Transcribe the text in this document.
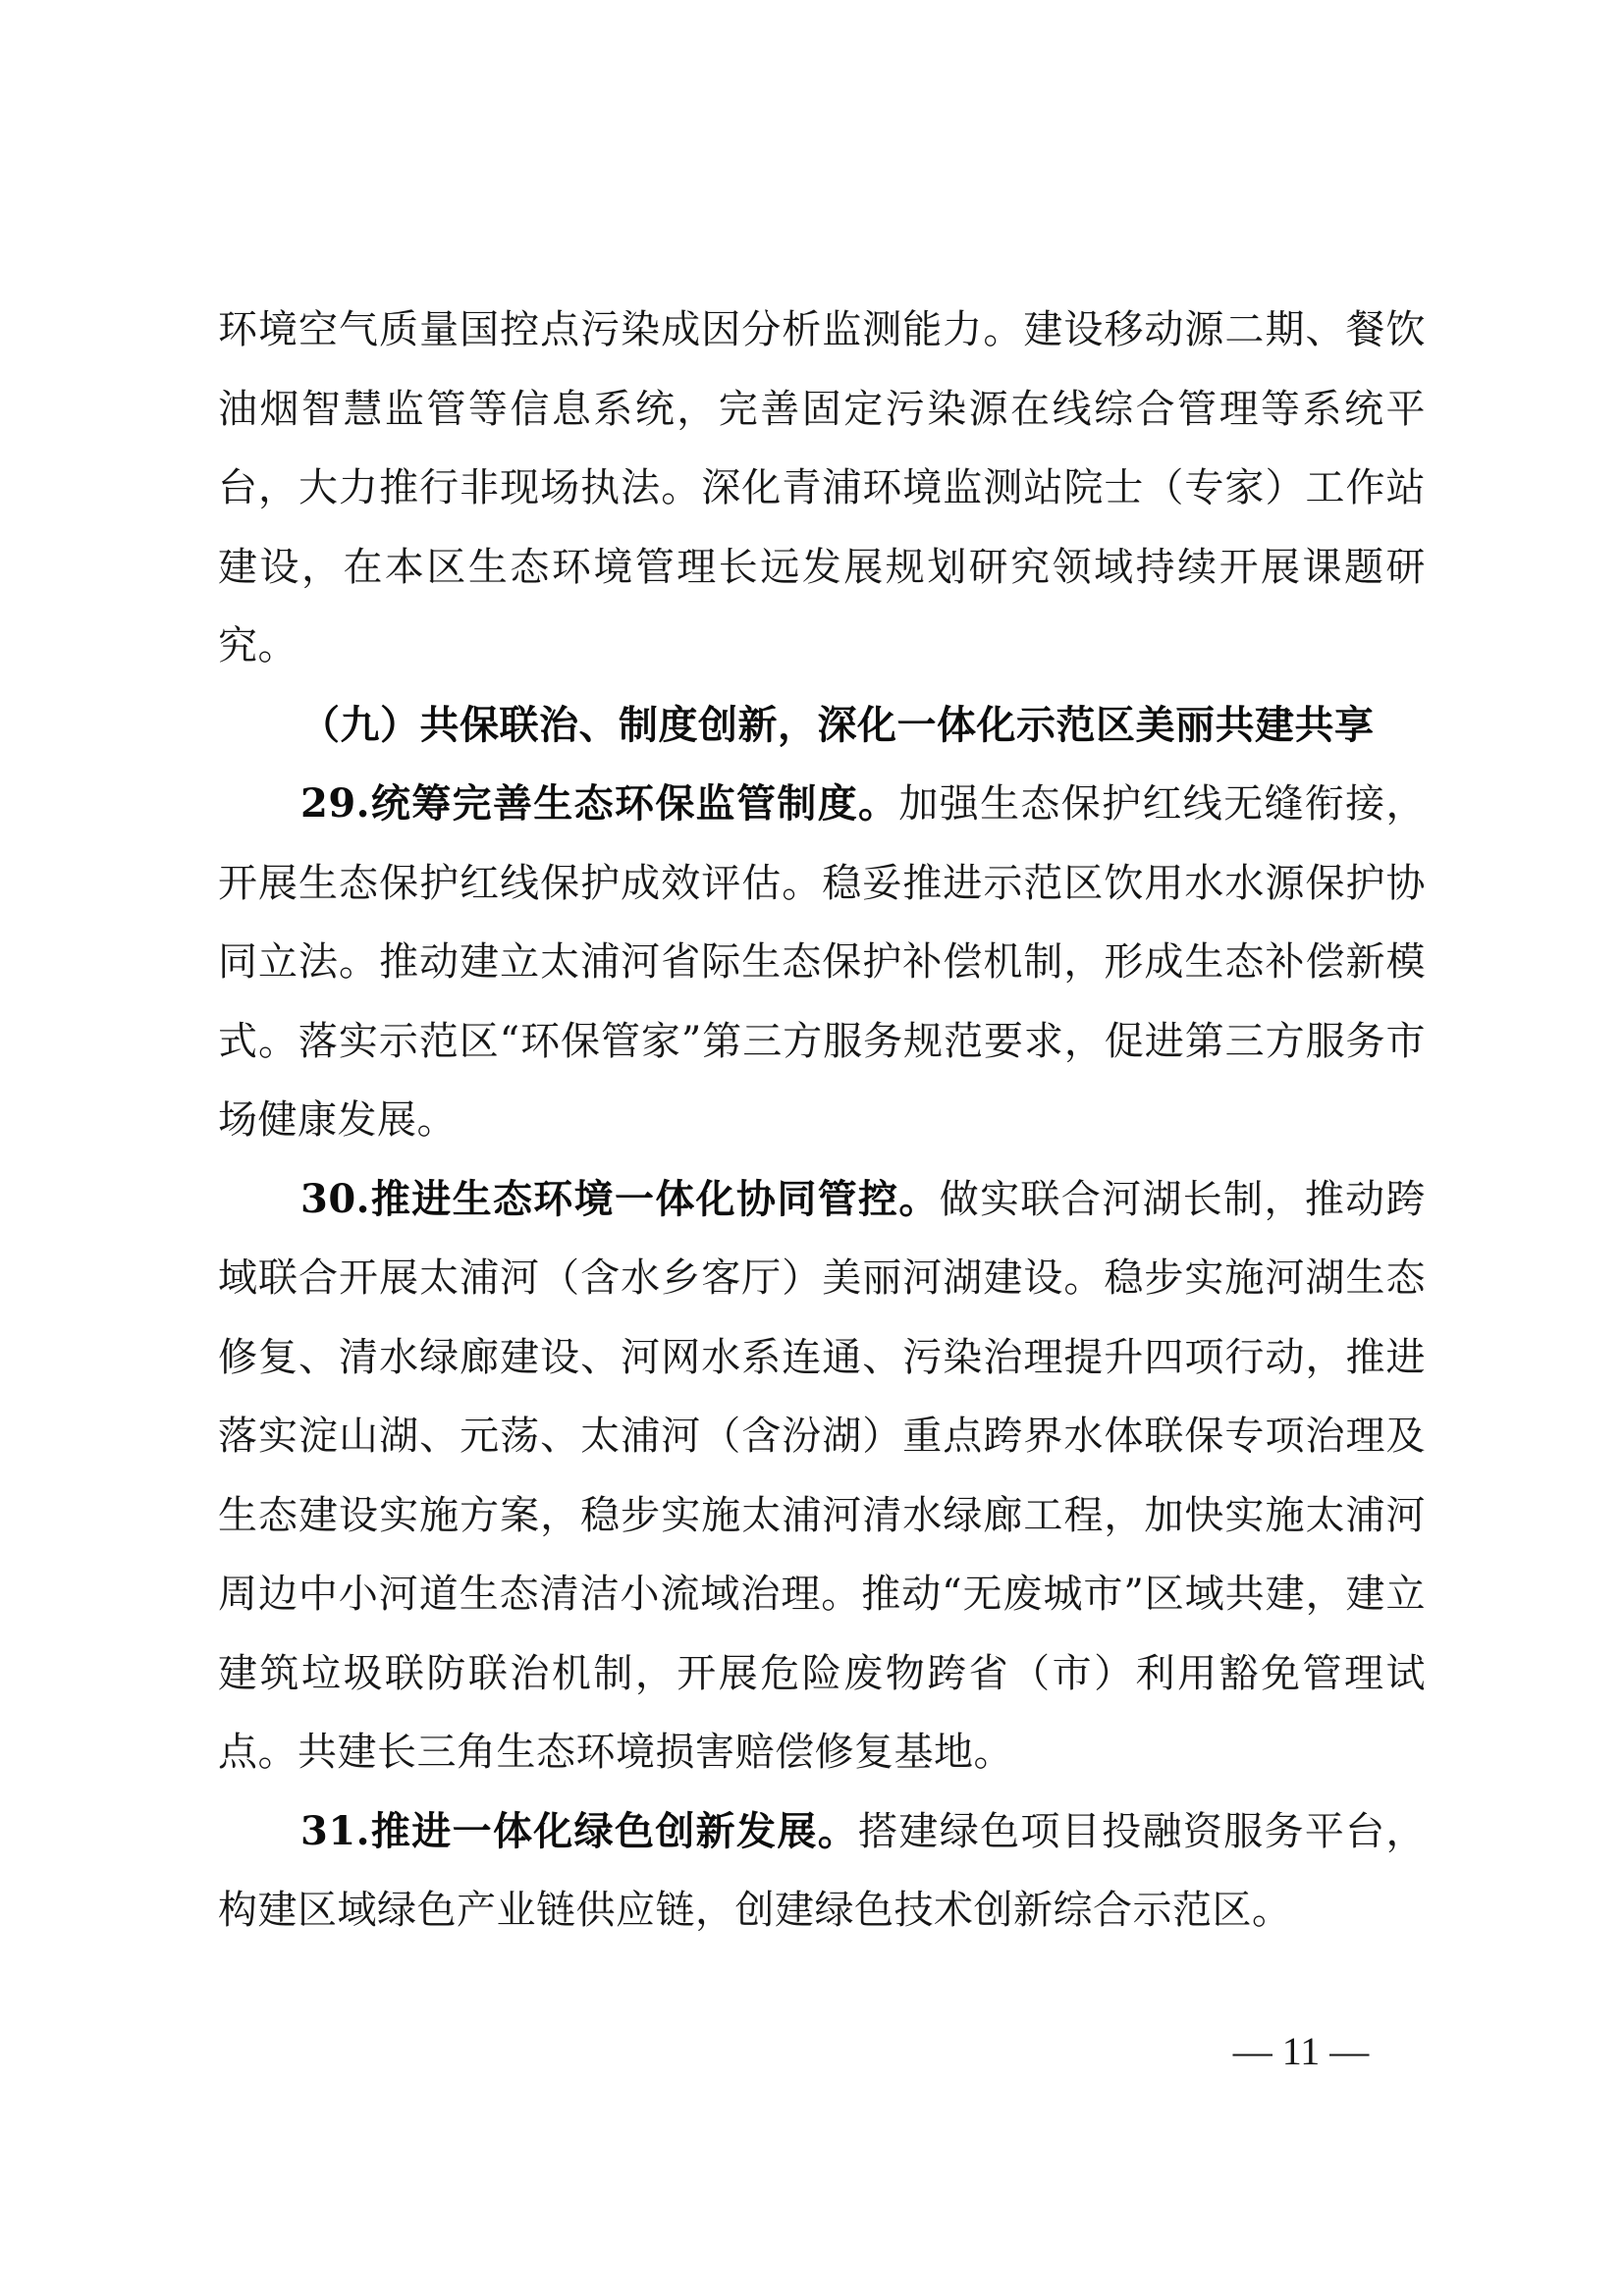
环境空气质量国控点污染成因分析监测能力。建设移动源二期、餐饮油烟智慧监管等信息系统，完善固定污染源在线综合管理等系统平台，大力推行非现场执法。深化青浦环境监测站院士（专家）工作站建设，在本区生态环境管理长远发展规划研究领域持续开展课题研究。

（九）共保联治、制度创新，深化一体化示范区美丽共建共享

29.统筹完善生态环保监管制度。加强生态保护红线无缝衔接，开展生态保护红线保护成效评估。稳妥推进示范区饮用水水源保护协同立法。推动建立太浦河省际生态保护补偿机制，形成生态补偿新模式。落实示范区“环保管家”第三方服务规范要求，促进第三方服务市场健康发展。

30.推进生态环境一体化协同管控。做实联合河湖长制，推动跨域联合开展太浦河（含水乡客厅）美丽河湖建设。稳步实施河湖生态修复、清水绿廊建设、河网水系连通、污染治理提升四项行动，推进落实淀山湖、元荡、太浦河（含汾湖）重点跨界水体联保专项治理及生态建设实施方案，稳步实施太浦河清水绿廊工程，加快实施太浦河周边中小河道生态清洁小流域治理。推动“无废城市”区域共建，建立建筑垃圾联防联治机制，开展危险废物跨省（市）利用豁免管理试点。共建长三角生态环境损害赔偿修复基地。

31.推进一体化绿色创新发展。搭建绿色项目投融资服务平台，构建区域绿色产业链供应链，创建绿色技术创新综合示范区。

— 11 —
